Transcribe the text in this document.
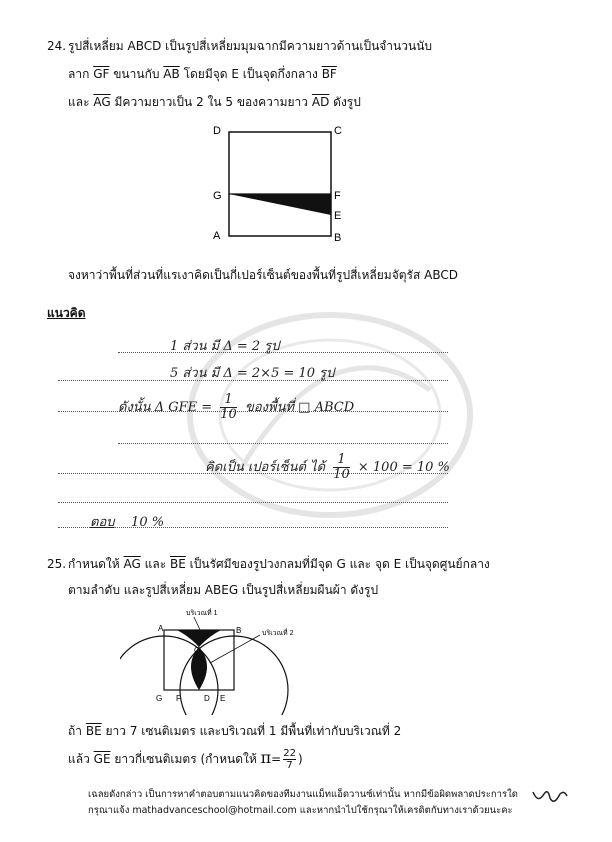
24. รูปสี่เหลี่ยม ABCD เป็นรูปสี่เหลี่ยมมุมฉากมีความยาวด้านเป็นจำนวนนับ
ลาก $\overline{GF}$ ขนานกับ $\overline{AB}$ โดยมีจุด E เป็นจุดกึ่งกลาง $\overline{BF}$
และ $\overline{AG}$ มีความยาวเป็น 2 ใน 5 ของความยาว $\overline{AD}$ ดังรูป
D	C
G	F
E
A	B
จงหาว่าพื้นที่ส่วนที่แรเงาคิดเป็นกี่เปอร์เซ็นต์ของพื้นที่รูปสี่เหลี่ยมจัตุรัส ABCD
แนวคิด
1 ส่วน มี Δ = 2 รูป
5 ส่วน มี Δ = 2×5 = 10 รูป
ดังนั้น Δ GFE = $\frac{1}{10}$ ของพื้นที่ □ ABCD
คิดเป็น เปอร์เซ็นต์ ได้ $\frac{1}{10} \times 100 = 10$ %
ตอบ 10 %
25. กำหนดให้ $\overline{AG}$ และ $\overline{BE}$ เป็นรัศมีของรูปวงกลมที่มีจุด G และ จุด E เป็นจุดศูนย์กลาง
ตามลำดับ และรูปสี่เหลี่ยม ABEG เป็นรูปสี่เหลี่ยมผืนผ้า ดังรูป
บริเวณที่ 1
บริเวณที่ 2
A	B
C
G F	D E
ถ้า $\overline{BE}$ ยาว 7 เซนติเมตร และบริเวณที่ 1 มีพื้นที่เท่ากับบริเวณที่ 2
แล้ว $\overline{GE}$ ยาวกี่เซนติเมตร (กำหนดให้ $\pi= \frac{22}{7}$ )
เฉลยดังกล่าว เป็นการหาคำตอบตามแนวคิดของทีมงานแม็ทแอ็ดวานซ์เท่านั้น หากมีข้อผิดพลาดประการใด
กรุณาแจ้ง mathadvanceschool@hotmail.com และหากนำไปใช้กรุณาให้เครดิตกับทางเราด้วยนะคะ
